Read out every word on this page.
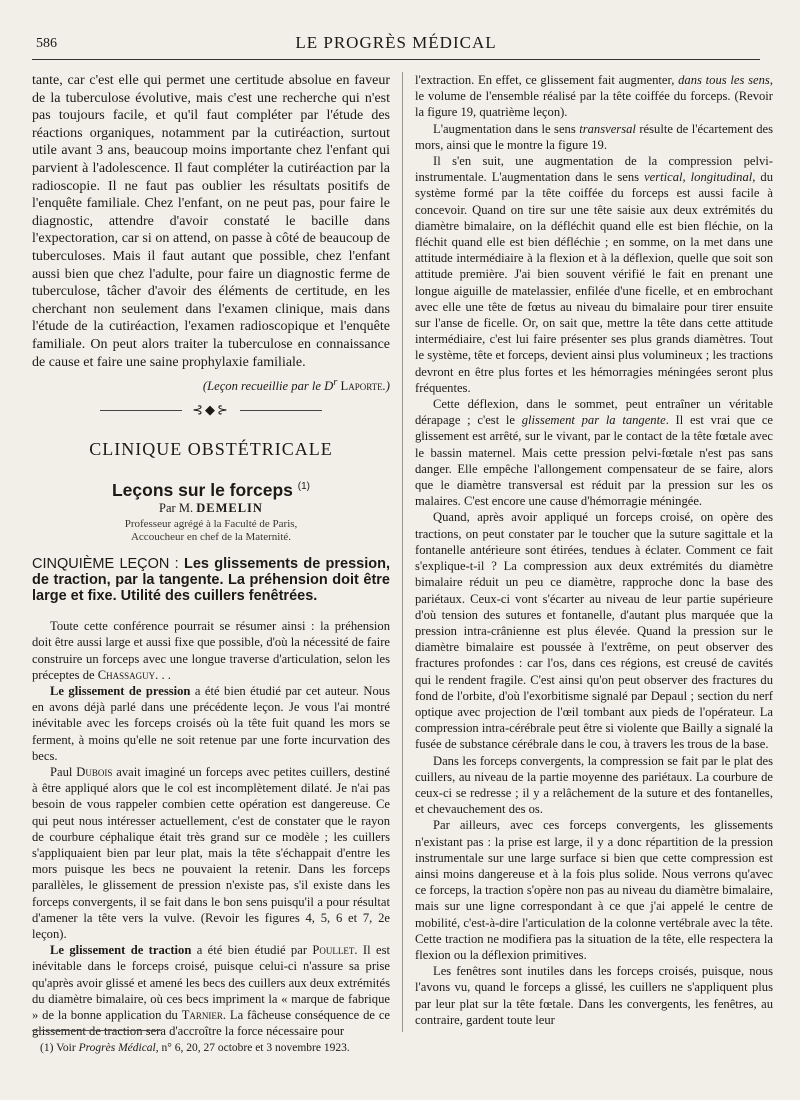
586	LE PROGRÈS MÉDICAL

tante, car c'est elle qui permet une certitude absolue en faveur de la tuberculose évolutive, mais c'est une recherche qui n'est pas toujours facile, et qu'il faut compléter par l'étude des réactions organiques, notamment par la cutiréaction, surtout utile avant 3 ans, beaucoup moins importante chez l'enfant qui parvient à l'adolescence. Il faut compléter la cutiréaction par la radioscopie. Il ne faut pas oublier les résultats positifs de l'enquête familiale. Chez l'enfant, on ne peut pas, pour faire le diagnostic, attendre d'avoir constaté le bacille dans l'expectoration, car si on attend, on passe à côté de beaucoup de tuberculoses. Mais il faut autant que possible, chez l'enfant aussi bien que chez l'adulte, pour faire un diagnostic ferme de tuberculose, tâcher d'avoir des éléments de certitude, en les cherchant non seulement dans l'examen clinique, mais dans l'étude de la cutiréaction, l'examen radioscopique et l'enquête familiale. On peut alors traiter la tuberculose en connaissance de cause et faire une saine prophylaxie familiale.

(Leçon recueillie par le $D^r$ Laporte.)

⊰◆⊱
CLINIQUE OBSTÉTRICALE
Leçons sur le forceps $^{(1)}$
Par M. DEMELIN
Professeur agrégé à la Faculté de Paris,
Accoucheur en chef de la Maternité.

CINQUIÈME LEÇON : Les glissements de pression, de traction, par la tangente. La préhension doit être large et fixe. Utilité des cuillers fenêtrées.

Toute cette conférence pourrait se résumer ainsi : la préhension doit être aussi large et aussi fixe que possible, d'où la nécessité de faire construire un forceps avec une longue traverse d'articulation, selon les préceptes de Chassaguy. . .

Le glissement de pression a été bien étudié par cet auteur. Nous en avons déjà parlé dans une précédente leçon. Je vous l'ai montré inévitable avec les forceps croisés où la tête fuit quand les mors se ferment, à moins qu'elle ne soit retenue par une forte incurvation des becs.

Paul Dubois avait imaginé un forceps avec petites cuillers, destiné à être appliqué alors que le col est incomplètement dilaté. Je n'ai pas besoin de vous rappeler combien cette opération est dangereuse. Ce qui peut nous intéresser actuellement, c'est de constater que le rayon de courbure céphalique était très grand sur ce modèle ; les cuillers s'appliquaient bien par leur plat, mais la tête s'échappait d'entre les mors puisque les becs ne pouvaient la retenir. Dans les forceps parallèles, le glissement de pression n'existe pas, s'il existe dans les forceps convergents, il se fait dans le bon sens puisqu'il a pour résultat d'amener la tête vers la vulve. (Revoir les figures 4, 5, 6 et 7, 2e leçon).

Le glissement de traction a été bien étudié par Poullet. Il est inévitable dans le forceps croisé, puisque celui-ci n'assure sa prise qu'après avoir glissé et amené les becs des cuillers aux deux extrémités du diamètre bimalaire, où ces becs impriment la « marque de fabrique » de la bonne application du Tarnier. La fâcheuse conséquence de ce glissement de traction sera d'accroître la force nécessaire pour

l'extraction. En effet, ce glissement fait augmenter, dans tous les sens, le volume de l'ensemble réalisé par la tête coiffée du forceps. (Revoir la figure 19, quatrième leçon).

L'augmentation dans le sens transversal résulte de l'écartement des mors, ainsi que le montre la figure 19.

Il s'en suit, une augmentation de la compression pelvi-instrumentale. L'augmentation dans le sens vertical, longitudinal, du système formé par la tête coiffée du forceps est aussi facile à concevoir. Quand on tire sur une tête saisie aux deux extrémités du diamètre bimalaire, on la défléchit quand elle est bien fléchie, on la fléchit quand elle est bien défléchie ; en somme, on la met dans une attitude intermédiaire à la flexion et à la déflexion, quelle que soit son attitude première. J'ai bien souvent vérifié le fait en prenant une longue aiguille de matelassier, enfilée d'une ficelle, et en embrochant avec elle une tête de fœtus au niveau du bimalaire pour tirer ensuite sur l'anse de ficelle. Or, on sait que, mettre la tête dans cette attitude intermédiaire, c'est lui faire présenter ses plus grands diamètres. Tout le système, tête et forceps, devient ainsi plus volumineux ; les tractions devront en être plus fortes et les hémorragies méningées seront plus fréquentes.

Cette déflexion, dans le sommet, peut entraîner un véritable dérapage ; c'est le glissement par la tangente. Il est vrai que ce glissement est arrêté, sur le vivant, par le contact de la tête fœtale avec le bassin maternel. Mais cette pression pelvi-fœtale n'est pas sans danger. Elle empêche l'allongement compensateur de se faire, alors que le diamètre transversal est réduit par la pression sur les os malaires. C'est encore une cause d'hémorragie méningée.

Quand, après avoir appliqué un forceps croisé, on opère des tractions, on peut constater par le toucher que la suture sagittale et la fontanelle antérieure sont étirées, tendues à éclater. Comment ce fait s'explique-t-il ? La compression aux deux extrémités du diamètre bimalaire réduit un peu ce diamètre, rapproche donc la base des pariétaux. Ceux-ci vont s'écarter au niveau de leur partie supérieure d'où tension des sutures et fontanelle, d'autant plus marquée que la pression intra-crânienne est plus élevée. Quand la pression sur le diamètre bimalaire est poussée à l'extrême, on peut observer des fractures profondes : car l'os, dans ces régions, est creusé de cavités qui le rendent fragile. C'est ainsi qu'on peut observer des fractures du fond de l'orbite, d'où l'exorbitisme signalé par Depaul ; section du nerf optique avec projection de l'œil tombant aux pieds de l'opérateur. La compression intra-cérébrale peut être si violente que Bailly a signalé la fusée de substance cérébrale dans le cou, à travers les trous de la base.

Dans les forceps convergents, la compression se fait par le plat des cuillers, au niveau de la partie moyenne des pariétaux. La courbure de ceux-ci se redresse ; il y a relâchement de la suture et des fontanelles, et chevauchement des os.

Par ailleurs, avec ces forceps convergents, les glissements n'existant pas : la prise est large, il y a donc répartition de la pression instrumentale sur une large surface si bien que cette compression est ainsi moins dangereuse et à la fois plus solide. Nous verrons qu'avec ce forceps, la traction s'opère non pas au niveau du diamètre bimalaire, mais sur une ligne correspondant à ce que j'ai appelé le centre de mobilité, c'est-à-dire l'articulation de la colonne vertébrale avec la tête. Cette traction ne modifiera pas la situation de la tête, elle respectera la flexion ou la déflexion primitives.

Les fenêtres sont inutiles dans les forceps croisés, puisque, nous l'avons vu, quand le forceps a glissé, les cuillers ne s'appliquent plus par leur plat sur la tête fœtale. Dans les convergents, les fenêtres, au contraire, gardent toute leur

(1) Voir Progrès Médical, n° 6, 20, 27 octobre et 3 novembre 1923.
